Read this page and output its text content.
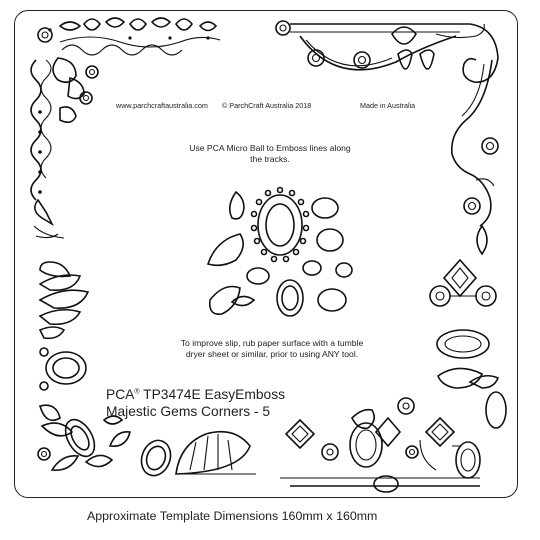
www.parchcraftaustralia.com © ParchCraft Australia 2018	Made in Australia
Use PCA Micro Ball to Emboss lines along
the tracks.
To improve slip, rub paper surface with a tumble
dryer sheet or similar, prior to using ANY tool.
PCA® TP3474E EasyEmboss
Majestic Gems Corners - 5
Approximate Template Dimensions 160mm x 160mm
